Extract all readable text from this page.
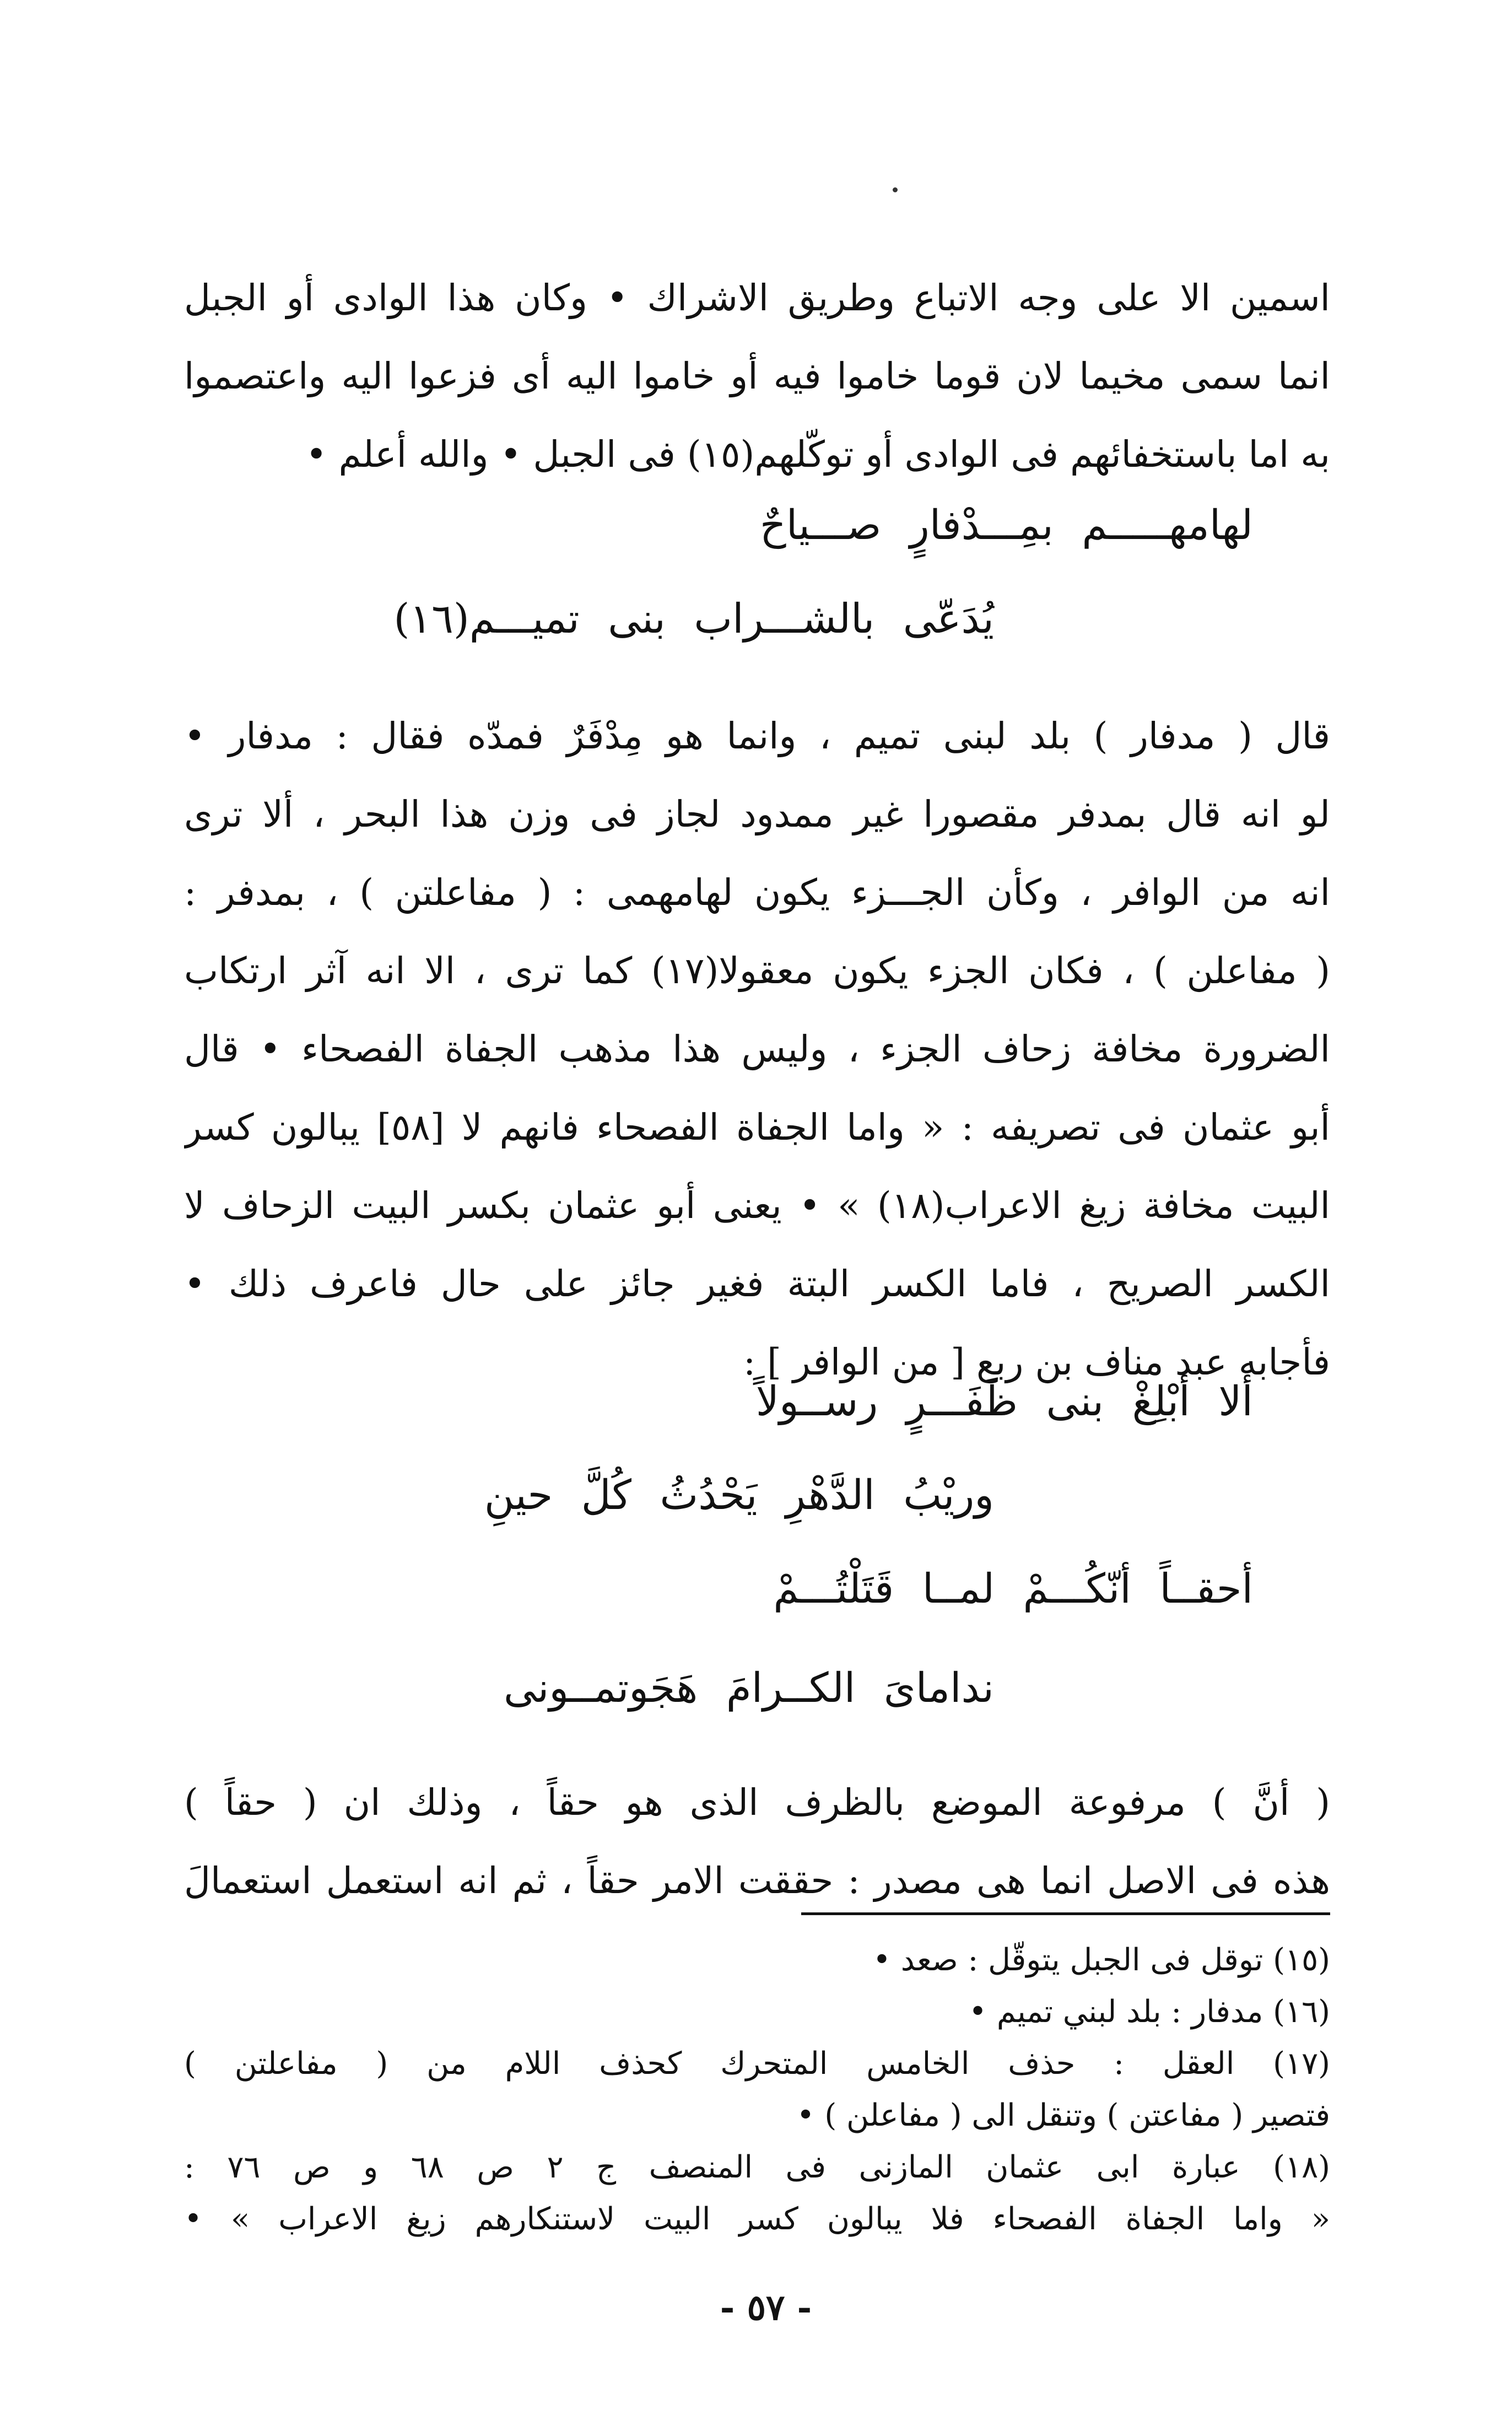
اسمين الا على وجه الاتباع وطريق الاشراك • وكان هذا الوادى أو الجبل
انما سمى مخيما لان قوما خاموا فيه أو خاموا اليه أى فزعوا اليه واعتصموا
به اما باستخفائهم فى الوادى أو توكّلهم(١٥) فى الجبل • والله أعلم •
لهامهـــــم بمِـــدْفارٍ صـــياحٌ
يُدَعّى بالشـــراب بنى تميـــم(١٦)
قال ( مدفار ) بلد لبنى تميم ، وانما هو مِدْفَرٌ فمدّه فقال : مدفار •
لو انه قال بمدفر مقصورا غير ممدود لجاز فى وزن هذا البحر ، ألا ترى
انه من الوافر ، وكأن الجـــزء يكون لهامهمى : ( مفاعلتن ) ، بمدفر :
( مفاعلن ) ، فكان الجزء يكون معقولا(١٧) كما ترى ، الا انه آثر ارتكاب
الضرورة مخافة زحاف الجزء ، وليس هذا مذهب الجفاة الفصحاء • قال
أبو عثمان فى تصريفه : « واما الجفاة الفصحاء فانهم لا [٥٨] يبالون كسر
البيت مخافة زيغ الاعراب(١٨) » • يعنى أبو عثمان بكسر البيت الزحاف لا
الكسر الصريح ، فاما الكسر البتة فغير جائز على حال فاعرف ذلك •
فأجابه عبد مناف بن ربع [ من الوافر ] :
ألا أبْلِغْ بنى ظَفَـــرٍ رســولاً
وريْبُ الدَّهْرِ يَحْدُثُ كُلَّ حينِ
أحقــاً أنّكُـــمْ لمــا قَتَلْتُـــمْ
نداماىَ الكــرامَ هَجَوتمــونى
( أنَّ ) مرفوعة الموضع بالظرف الذى هو حقاً ، وذلك ان ( حقاً )
هذه فى الاصل انما هى مصدر : حققت الامر حقاً ، ثم انه استعمل استعمالَ
(١٥) توقل فى الجبل يتوقّل : صعد •
(١٦) مدفار : بلد لبني تميم •
(١٧) العقل : حذف الخامس المتحرك كحذف اللام من ( مفاعلتن )
فتصير ( مفاعتن ) وتنقل الى ( مفاعلن ) •
(١٨) عبارة ابى عثمان المازنى فى المنصف ج ٢ ص ٦٨ و ص ٧٦ :
« واما الجفاة الفصحاء فلا يبالون كسر البيت لاستنكارهم زيغ الاعراب » •
- ٥٧ -
